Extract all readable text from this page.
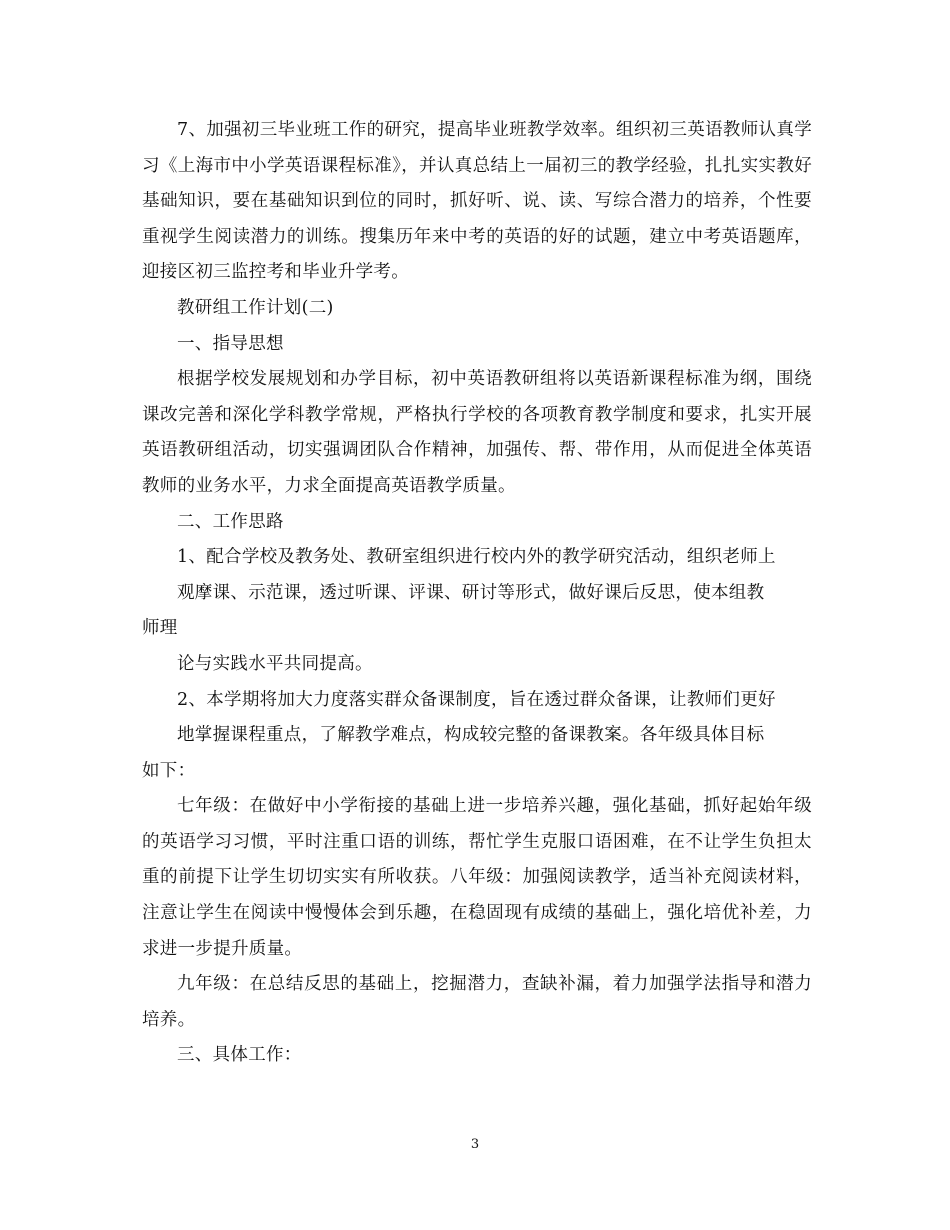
7、加强初三毕业班工作的研究，提高毕业班教学效率。组织初三英语教师认真学习《上海市中小学英语课程标准》，并认真总结上一届初三的教学经验，扎扎实实教好基础知识，要在基础知识到位的同时，抓好听、说、读、写综合潜力的培养，个性要重视学生阅读潜力的训练。搜集历年来中考的英语的好的试题，建立中考英语题库，迎接区初三监控考和毕业升学考。

教研组工作计划(二)

一、指导思想

根据学校发展规划和办学目标，初中英语教研组将以英语新课程标准为纲，围绕课改完善和深化学科教学常规，严格执行学校的各项教育教学制度和要求，扎实开展英语教研组活动，切实强调团队合作精神，加强传、帮、带作用，从而促进全体英语教师的业务水平，力求全面提高英语教学质量。

二、工作思路

1、配合学校及教务处、教研室组织进行校内外的教学研究活动，组织老师上

观摩课、示范课，透过听课、评课、研讨等形式，做好课后反思，使本组教

师理

论与实践水平共同提高。

2、本学期将加大力度落实群众备课制度，旨在透过群众备课，让教师们更好

地掌握课程重点，了解教学难点，构成较完整的备课教案。各年级具体目标

如下：

七年级：在做好中小学衔接的基础上进一步培养兴趣，强化基础，抓好起始年级的英语学习习惯，平时注重口语的训练，帮忙学生克服口语困难，在不让学生负担太重的前提下让学生切切实实有所收获。八年级：加强阅读教学，适当补充阅读材料，注意让学生在阅读中慢慢体会到乐趣，在稳固现有成绩的基础上，强化培优补差，力求进一步提升质量。

九年级：在总结反思的基础上，挖掘潜力，查缺补漏，着力加强学法指导和潜力培养。

三、具体工作：

3
